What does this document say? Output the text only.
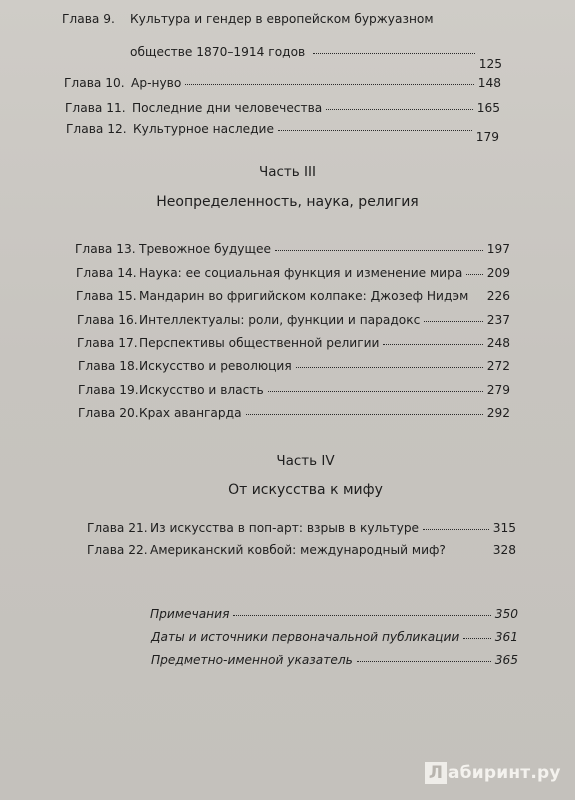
Глава 9.	Культура и гендер в европейском буржуазном
обществе 1870–1914 годов
125
Глава 10. Ар-нуво	148
Глава 11. Последние дни человечества	165
Глава 12. Культурное наследие
179
Часть III
Неопределенность, наука, религия
Глава 13. Тревожное будущее	197
Глава 14. Наука: ее социальная функция и изменение мира 209
Глава 15. Мандарин во фригийском колпаке: Джозеф Нидэм 226
Глава 16. Интеллектуалы: роли, функции и парадокс	237
Глава 17. Перспективы общественной религии	248
Глава 18. Искусство и революция	272
Глава 19. Искусство и власть	279
Глава 20. Крах авангарда	292
Часть IV
От искусства к мифу
Глава 21. Из искусства в поп-арт: взрыв в культуре	315
Глава 22. Американский ковбой: международный миф?	328
Примечания	350
Даты и источники первоначальной публикации	361
Предметно-именной указатель	365
Л абиринт.ру
